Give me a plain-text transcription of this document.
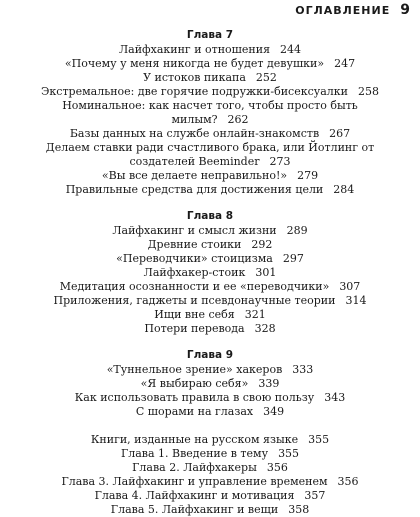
ОГЛАВЛЕНИЕ 9
Глава 7
Лайфхакинг и отношения 244
«Почему у меня никогда не будет девушки» 247
У истоков пикапа 252
Экстремальное: две горячие подружки-бисексуалки 258
Номинальное: как насчет того, чтобы просто быть
милым? 262
Базы данных на службе онлайн-знакомств 267
Делаем ставки ради счастливого брака, или Йотлинг от
создателей Beeminder 273
«Вы все делаете неправильно!» 279
Правильные средства для достижения цели 284
Глава 8
Лайфхакинг и смысл жизни 289
Древние стоики 292
«Переводчики» стоицизма 297
Лайфхакер-стоик 301
Медитация осознанности и ее «переводчики» 307
Приложения, гаджеты и псевдонаучные теории 314
Ищи вне себя 321
Потери перевода 328
Глава 9
«Туннельное зрение» хакеров 333
«Я выбираю себя» 339
Как использовать правила в свою пользу 343
С шорами на глазах 349
Книги, изданные на русском языке 355
Глава 1. Введение в тему 355
Глава 2. Лайфхакеры 356
Глава 3. Лайфхакинг и управление временем 356
Глава 4. Лайфхакинг и мотивация 357
Глава 5. Лайфхакинг и вещи 358
